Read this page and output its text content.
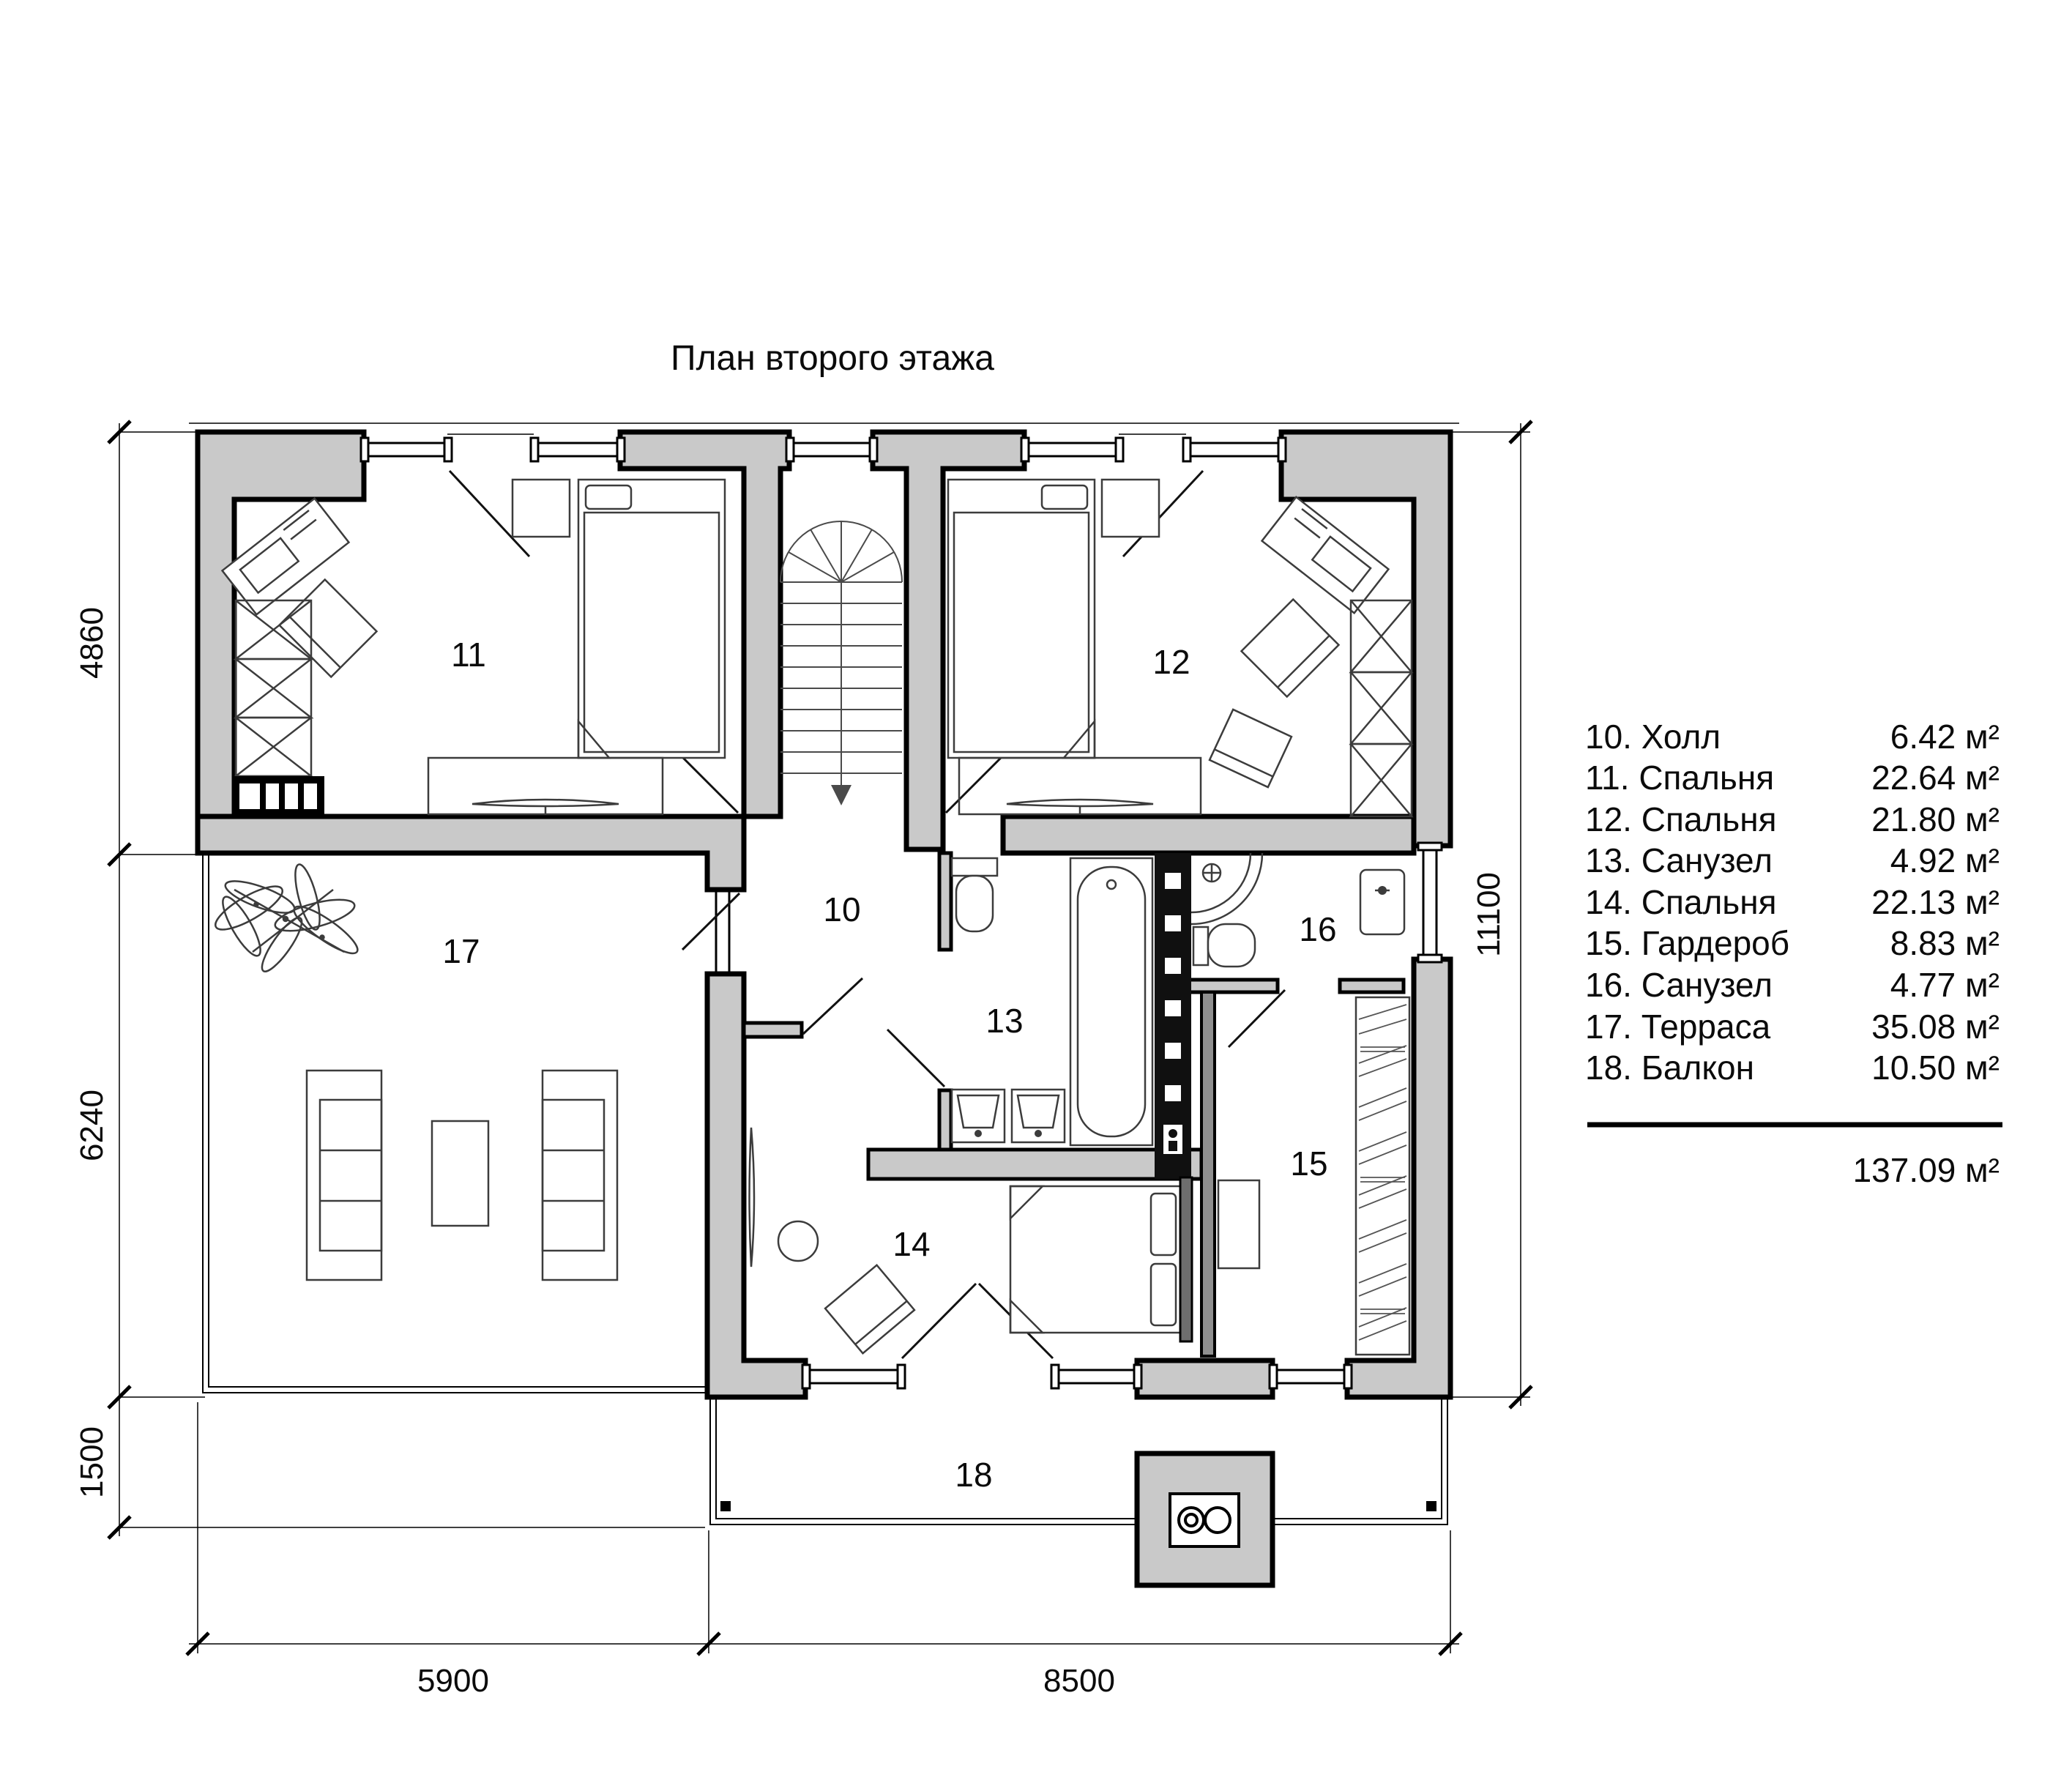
План второго этажа
10
11	12
13
14
15
16
17
18
4860
6240
1500
11100
5900	8500
10. Холл	6.42 м²
11. Спальня	22.64 м²
12. Спальня	21.80 м²
13. Санузел	4.92 м²
14. Спальня	22.13 м²
15. Гардероб	8.83 м²
16. Санузел	4.77 м²
17. Терраса	35.08 м²
18. Балкон	10.50 м²
137.09 м²
